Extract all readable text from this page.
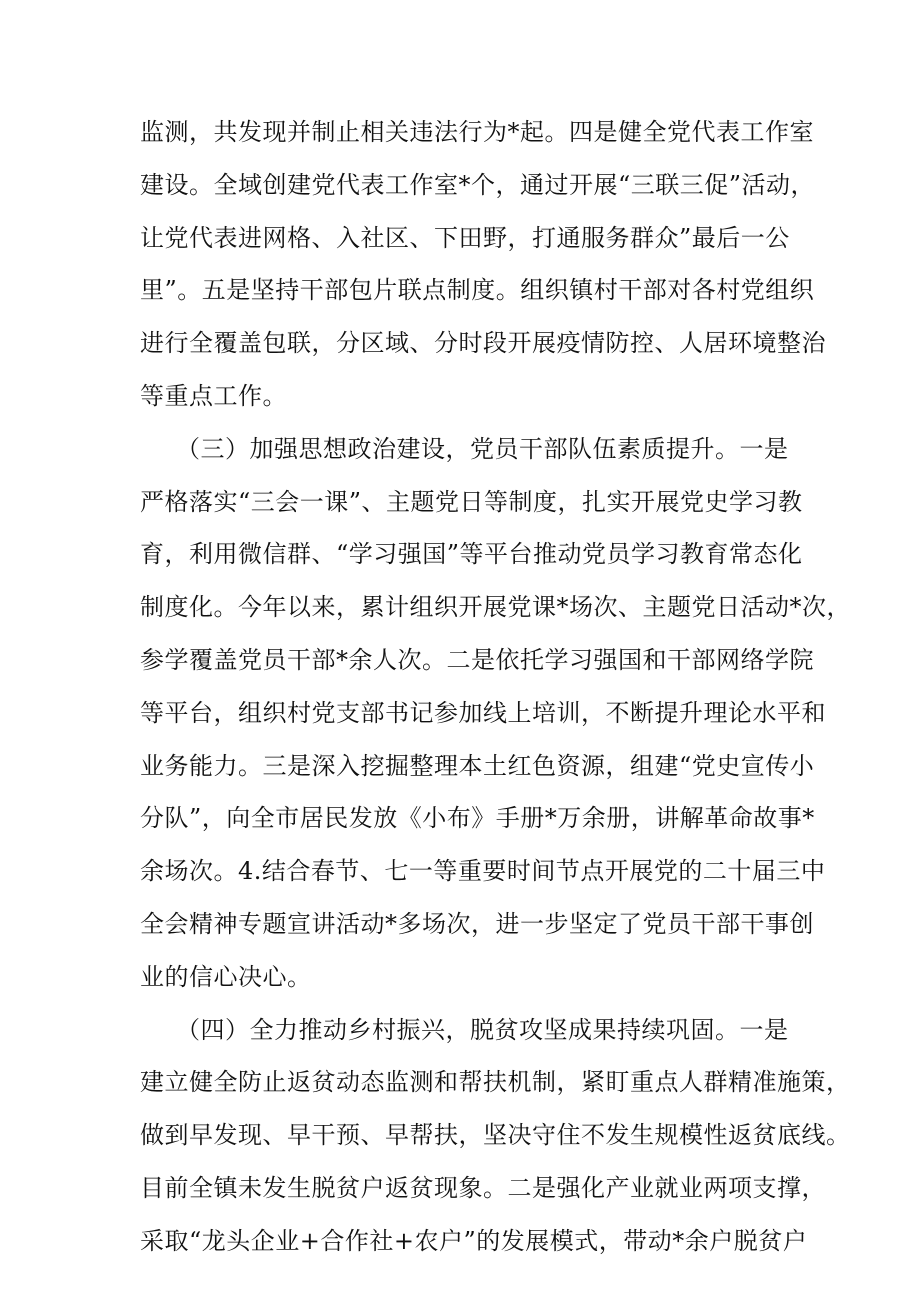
监测，共发现并制止相关违法行为*起。四是健全党代表工作室
建设。全域创建党代表工作室*个，通过开展“三联三促”活动，
让党代表进网格、入社区、下田野，打通服务群众”最后一公
里”。五是坚持干部包片联点制度。组织镇村干部对各村党组织
进行全覆盖包联，分区域、分时段开展疫情防控、人居环境整治
等重点工作。
（三）加强思想政治建设，党员干部队伍素质提升。一是
严格落实“三会一课”、主题党日等制度，扎实开展党史学习教
育，利用微信群、“学习强国”等平台推动党员学习教育常态化
制度化。今年以来，累计组织开展党课*场次、主题党日活动*次，
参学覆盖党员干部*余人次。二是依托学习强国和干部网络学院
等平台，组织村党支部书记参加线上培训，不断提升理论水平和
业务能力。三是深入挖掘整理本土红色资源，组建“党史宣传小
分队”，向全市居民发放《小布》手册*万余册，讲解革命故事*
余场次。4.结合春节、七一等重要时间节点开展党的二十届三中
全会精神专题宣讲活动*多场次，进一步坚定了党员干部干事创
业的信心决心。
（四）全力推动乡村振兴，脱贫攻坚成果持续巩固。一是
建立健全防止返贫动态监测和帮扶机制，紧盯重点人群精准施策，
做到早发现、早干预、早帮扶，坚决守住不发生规模性返贫底线。
目前全镇未发生脱贫户返贫现象。二是强化产业就业两项支撑，
采取“龙头企业+合作社+农户”的发展模式，带动*余户脱贫户
